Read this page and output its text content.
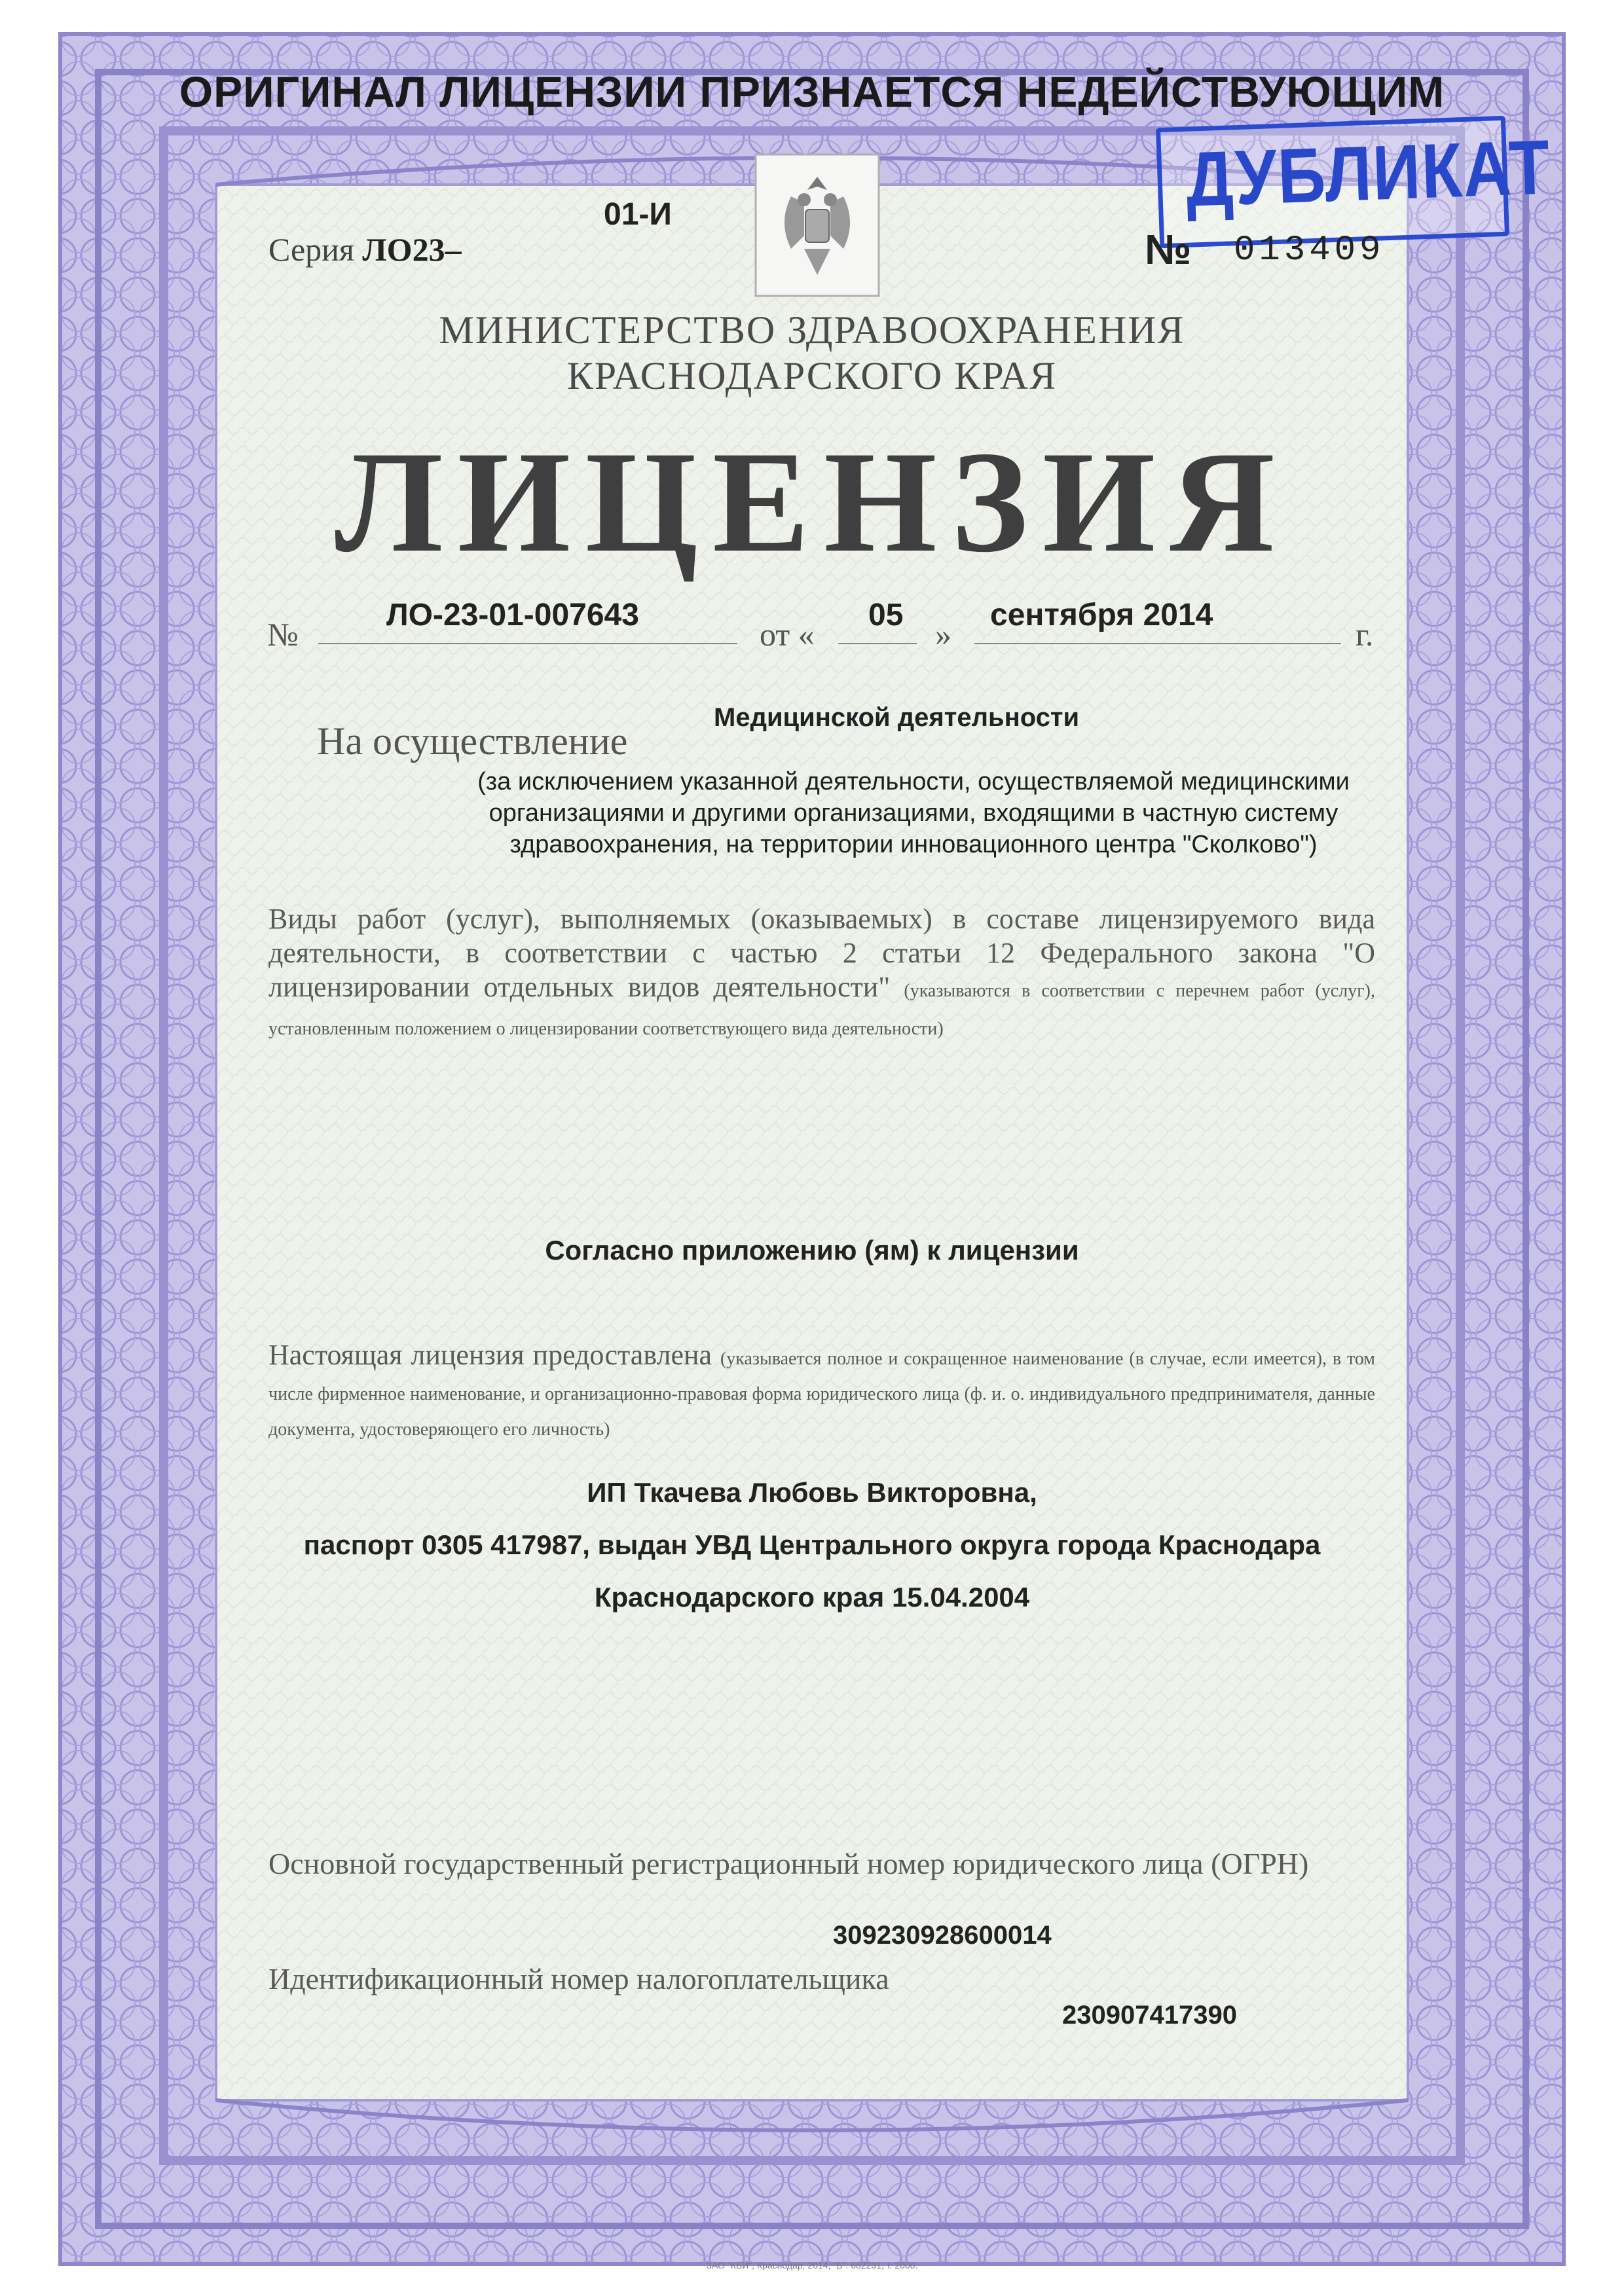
ОРИГИНАЛ ЛИЦЕНЗИИ ПРИЗНАЕТСЯ НЕДЕЙСТВУЮЩИМ
ДУБЛИКАТ
Серия ЛО23–
01-И
№ 013409
МИНИСТЕРСТВО ЗДРАВООХРАНЕНИЯ
КРАСНОДАРСКОГО КРАЯ
ЛИЦЕНЗИЯ
№
ЛО-23-01-007643
от «
05
»
сентября 2014
г.
Медицинской деятельности
На осуществление
(за исключением указанной деятельности, осуществляемой медицинскими организациями и другими организациями, входящими в частную систему здравоохранения, на территории инновационного центра "Сколково")
Виды работ (услуг), выполняемых (оказываемых) в составе лицензируемого вида деятельности, в соответствии с частью 2 статьи 12 Федерального закона "О лицензировании отдельных видов деятельности" (указываются в соответствии с перечнем работ (услуг), установленным положением о лицензировании соответствующего вида деятельности)
Согласно приложению (ям) к лицензии
Настоящая лицензия предоставлена (указывается полное и сокращенное наименование (в случае, если имеется), в том числе фирменное наименование, и организационно-правовая форма юридического лица (ф. и. о. индивидуального предпринимателя, данные документа, удостоверяющего его личность)
ИП Ткачева Любовь Викторовна,
паспорт 0305 417987, выдан УВД Центрального округа города Краснодара
Краснодарского края 15.04.2004
Основной государственный регистрационный номер юридического лица (ОГРН)
309230928600014
Идентификационный номер налогоплательщика
230907417390
ЗАО "КБИ", Краснодар, 2014, "Б". 682231, т. 2000.
